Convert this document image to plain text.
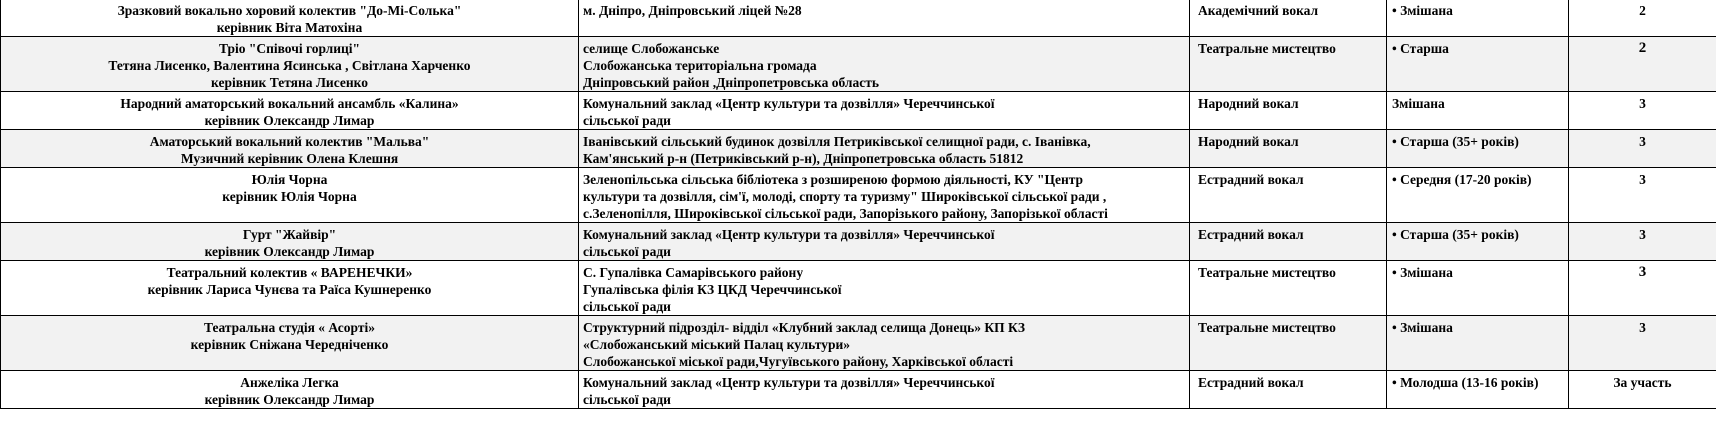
Зразковий вокально хоровий колектив "До-Мі-Солька"
керівник Віта Матохіна	м. Дніпро, Дніпровський ліцей №28	Академічний вокал	• Змішана	2

Тріо "Співочі горлиці"
Тетяна Лисенко, Валентина Ясинська , Світлана Харченко
керівник Тетяна Лисенко	селище Слобожанське
Слобожанська територіальна громада
Дніпровський район ,Дніпропетровська область	Театральне мистецтво	• Старша	2

Народний аматорський вокальний ансамбль «Калина»
керівник Олександр Лимар	Комунальний заклад «Центр культури та дозвілля» Череччинської
сільської ради	Народний вокал	Змішана	3

Аматорський вокальний колектив "Мальва"
Музичний керівник Олена Клешня	Іванівський сільський будинок дозвілля Петриківської селищної ради, с. Іванівка,
Кам'янський р-н (Петриківський р-н), Дніпропетровська область 51812	Народний вокал	• Старша (35+ років)	3

Юлія Чорна
керівник Юлія Чорна	Зеленопільська сільська бібліотека з розширеною формою діяльності, КУ "Центр
культури та дозвілля, сім'ї, молоді, спорту та туризму" Широківської сільської ради ,
с.Зеленопілля, Широківської сільської ради, Запорізького району, Запорізької області	Естрадний вокал	• Середня (17-20 років)	3

Гурт "Жайвір"
керівник Олександр Лимар	Комунальний заклад «Центр культури та дозвілля» Череччинської
сільської ради	Естрадний вокал	• Старша (35+ років)	3

Театральний колектив « ВАРЕНЕЧКИ»
керівник Лариса Чунєва та Раїса Кушнеренко	С. Гупалівка Самарівського району
Гупалівська філія КЗ ЦКД Череччинської
сільської ради	Театральне мистецтво	• Змішана	3

Театральна студія « Асорті»
керівник Сніжана Чередніченко	Структурний підрозділ- відділ «Клубний заклад селища Донець» КП КЗ
«Слобожанський міський Палац культури»
Слобожанської міської ради,Чугуївського району, Харківської області	Театральне мистецтво	• Змішана	3

Анжеліка Легка
керівник Олександр Лимар	Комунальний заклад «Центр культури та дозвілля» Череччинської
сільської ради	Естрадний вокал	• Молодша (13-16 років)	За участь
